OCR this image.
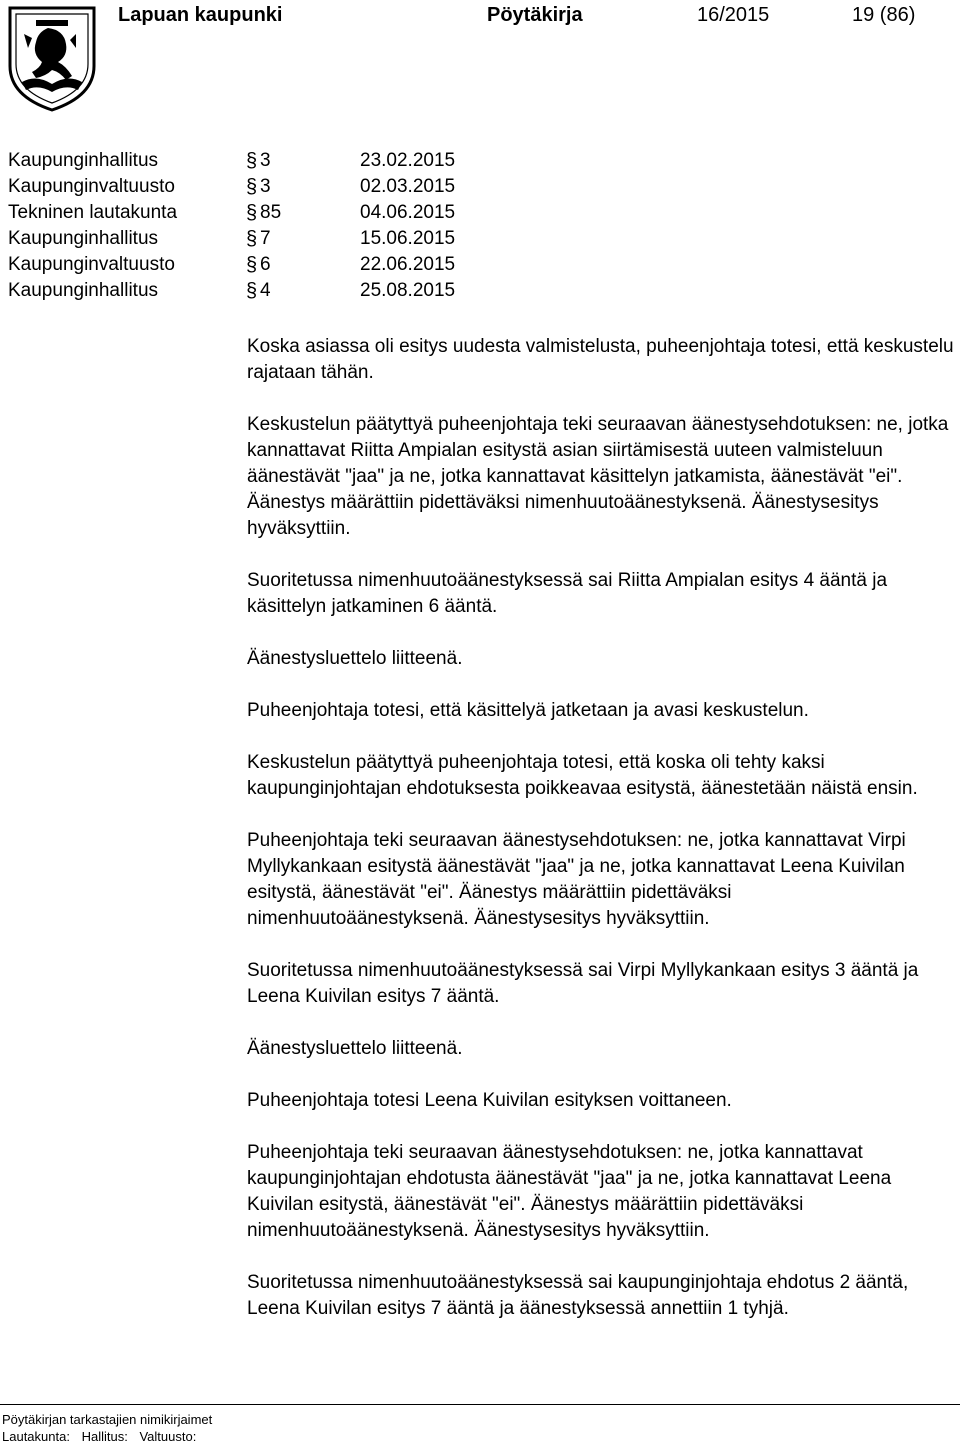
Lapuan kaupunki	Pöytäkirja	16/2015	19 (86)
Kaupunginhallitus	§ 3	23.02.2015
Kaupunginvaltuusto	§ 3	02.03.2015
Tekninen lautakunta	§ 85	04.06.2015
Kaupunginhallitus	§ 7	15.06.2015
Kaupunginvaltuusto	§ 6	22.06.2015
Kaupunginhallitus	§ 4	25.08.2015

Koska asiassa oli esitys uudesta valmistelusta, puheenjohtaja totesi, että keskustelu rajataan tähän.

Keskustelun päätyttyä puheenjohtaja teki seuraavan äänestysehdotuksen: ne, jotka kannattavat Riitta Ampialan esitystä asian siirtämisestä uuteen valmisteluun äänestävät "jaa" ja ne, jotka kannattavat käsittelyn jatkamista, äänestävät "ei". Äänestys määrättiin pidettäväksi nimenhuutoäänestyksenä. Äänestysesitys hyväksyttiin.

Suoritetussa nimenhuutoäänestyksessä sai Riitta Ampialan esitys 4 ääntä ja käsittelyn jatkaminen 6 ääntä.

Äänestysluettelo liitteenä.

Puheenjohtaja totesi, että käsittelyä jatketaan ja avasi keskustelun.

Keskustelun päätyttyä puheenjohtaja totesi, että koska oli tehty kaksi kaupunginjohtajan ehdotuksesta poikkeavaa esitystä, äänestetään näistä ensin.

Puheenjohtaja teki seuraavan äänestysehdotuksen: ne, jotka kannattavat Virpi Myllykankaan esitystä äänestävät "jaa" ja ne, jotka kannattavat Leena Kuivilan esitystä, äänestävät "ei". Äänestys määrättiin pidettäväksi nimenhuutoäänestyksenä. Äänestysesitys hyväksyttiin.

Suoritetussa nimenhuutoäänestyksessä sai Virpi Myllykankaan esitys 3 ääntä ja Leena Kuivilan esitys 7 ääntä.

Äänestysluettelo liitteenä.

Puheenjohtaja totesi Leena Kuivilan esityksen voittaneen.

Puheenjohtaja teki seuraavan äänestysehdotuksen: ne, jotka kannattavat kaupunginjohtajan ehdotusta äänestävät "jaa" ja ne, jotka kannattavat Leena Kuivilan esitystä, äänestävät "ei". Äänestys määrättiin pidettäväksi nimenhuutoäänestyksenä. Äänestysesitys hyväksyttiin.

Suoritetussa nimenhuutoäänestyksessä sai kaupunginjohtaja ehdotus 2 ääntä, Leena Kuivilan esitys 7 ääntä ja äänestyksessä annettiin 1 tyhjä.

Pöytäkirjan tarkastajien nimikirjaimet
Lautakunta: Hallitus: Valtuusto:
